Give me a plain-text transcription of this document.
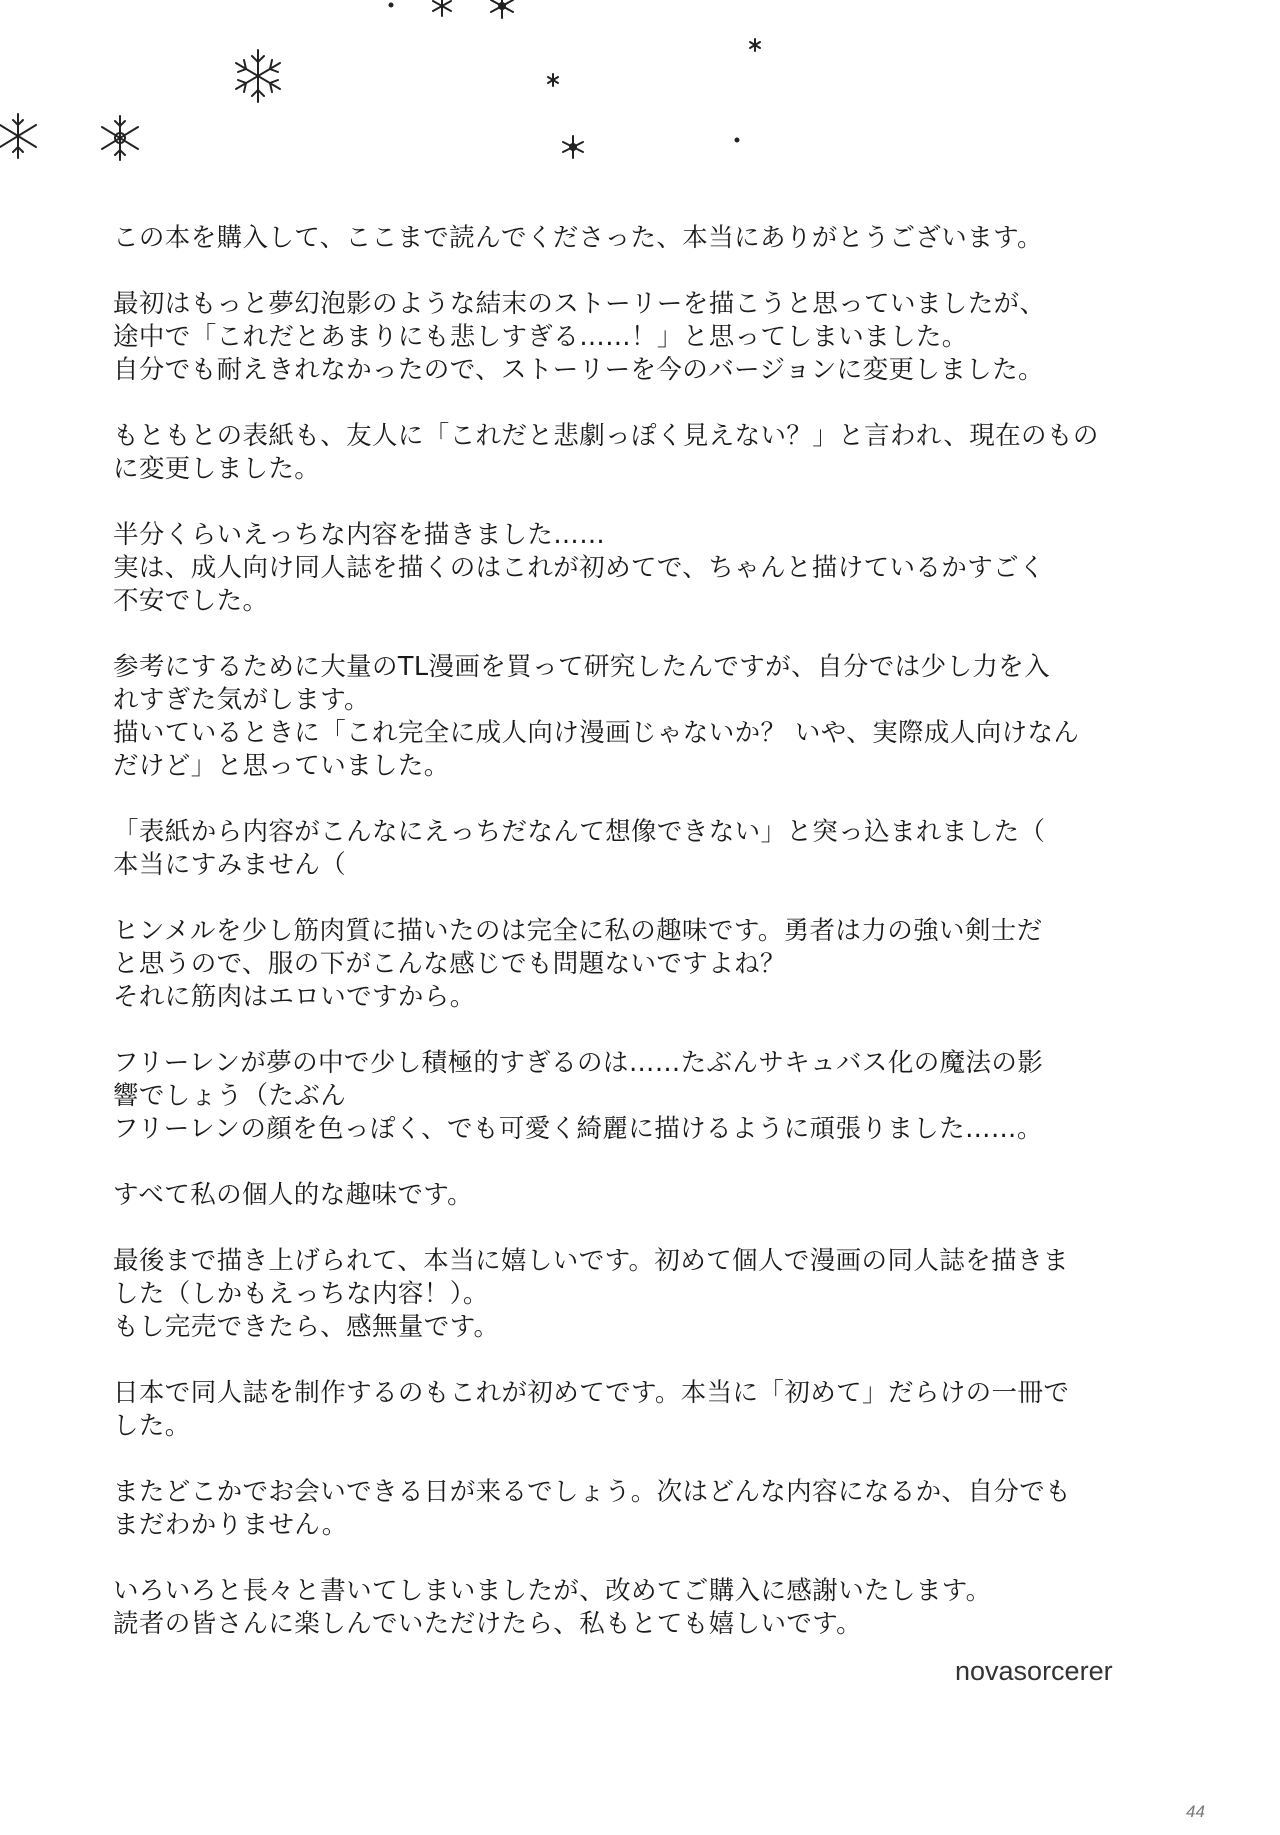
この本を購入して、ここまで読んでくださった、本当にありがとうございます。
最初はもっと夢幻泡影のような結末のストーリーを描こうと思っていましたが、
途中で「これだとあまりにも悲しすぎる……！」と思ってしまいました。
自分でも耐えきれなかったので、ストーリーを今のバージョンに変更しました。
もともとの表紙も、友人に「これだと悲劇っぽく見えない？」と言われ、現在のもの
に変更しました。
半分くらいえっちな内容を描きました……
実は、成人向け同人誌を描くのはこれが初めてで、ちゃんと描けているかすごく
不安でした。
参考にするために大量のTL漫画を買って研究したんですが、自分では少し力を入
れすぎた気がします。
描いているときに「これ完全に成人向け漫画じゃないか？ いや、実際成人向けなん
だけど」と思っていました。
「表紙から内容がこんなにえっちだなんて想像できない」と突っ込まれました（
本当にすみません（
ヒンメルを少し筋肉質に描いたのは完全に私の趣味です。勇者は力の強い剣士だ
と思うので、服の下がこんな感じでも問題ないですよね？
それに筋肉はエロいですから。
フリーレンが夢の中で少し積極的すぎるのは……たぶんサキュバス化の魔法の影
響でしょう（たぶん
フリーレンの顔を色っぽく、でも可愛く綺麗に描けるように頑張りました……。
すべて私の個人的な趣味です。
最後まで描き上げられて、本当に嬉しいです。初めて個人で漫画の同人誌を描きま
した（しかもえっちな内容！）。
もし完売できたら、感無量です。
日本で同人誌を制作するのもこれが初めてです。本当に「初めて」だらけの一冊で
した。
またどこかでお会いできる日が来るでしょう。次はどんな内容になるか、自分でも
まだわかりません。
いろいろと長々と書いてしまいましたが、改めてご購入に感謝いたします。
読者の皆さんに楽しんでいただけたら、私もとても嬉しいです。
novasorcerer
44
